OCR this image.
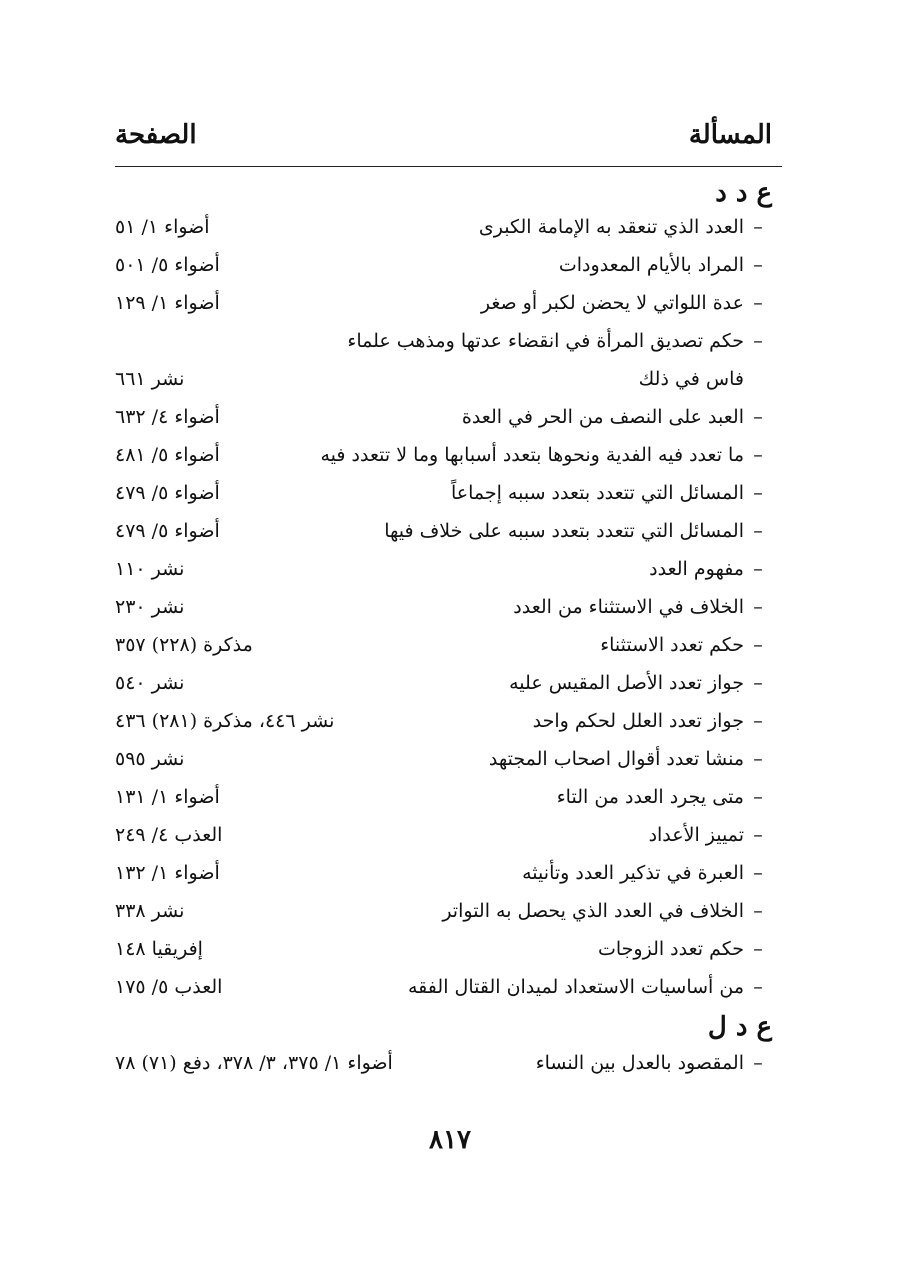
المسألة
الصفحة
ع د د
–العدد الذي تنعقد به الإمامة الكبرى
أضواء ١/ ٥١
–المراد بالأيام المعدودات
أضواء ٥/ ٥٠١
–عدة اللواتي لا يحضن لكبر أو صغر
أضواء ١/ ١٢٩
–حكم تصديق المرأة في انقضاء عدتها ومذهب علماء
فاس في ذلك
نشر ٦٦١
–العبد على النصف من الحر في العدة
أضواء ٤/ ٦٣٢
–ما تعدد فيه الفدية ونحوها بتعدد أسبابها وما لا تتعدد فيه
أضواء ٥/ ٤٨١
–المسائل التي تتعدد بتعدد سببه إجماعاً
أضواء ٥/ ٤٧٩
–المسائل التي تتعدد بتعدد سببه على خلاف فيها
أضواء ٥/ ٤٧٩
–مفهوم العدد
نشر ١١٠
–الخلاف في الاستثناء من العدد
نشر ٢٣٠
–حكم تعدد الاستثناء
مذكرة (٢٢٨) ٣٥٧
–جواز تعدد الأصل المقيس عليه
نشر ٥٤٠
–جواز تعدد العلل لحكم واحد
نشر ٤٤٦، مذكرة (٢٨١) ٤٣٦
–منشا تعدد أقوال اصحاب المجتهد
نشر ٥٩٥
–متى يجرد العدد من التاء
أضواء ١/ ١٣١
–تمييز الأعداد
العذب ٤/ ٢٤٩
–العبرة في تذكير العدد وتأنيثه
أضواء ١/ ١٣٢
–الخلاف في العدد الذي يحصل به التواتر
نشر ٣٣٨
–حكم تعدد الزوجات
إفريقيا ١٤٨
–من أساسيات الاستعداد لميدان القتال الفقه
العذب ٥/ ١٧٥
–المقصود بالعدل بين النساء
أضواء ١/ ٣٧٥، ٣/ ٣٧٨، دفع (٧١) ٧٨
ع د ل
٨١٧
